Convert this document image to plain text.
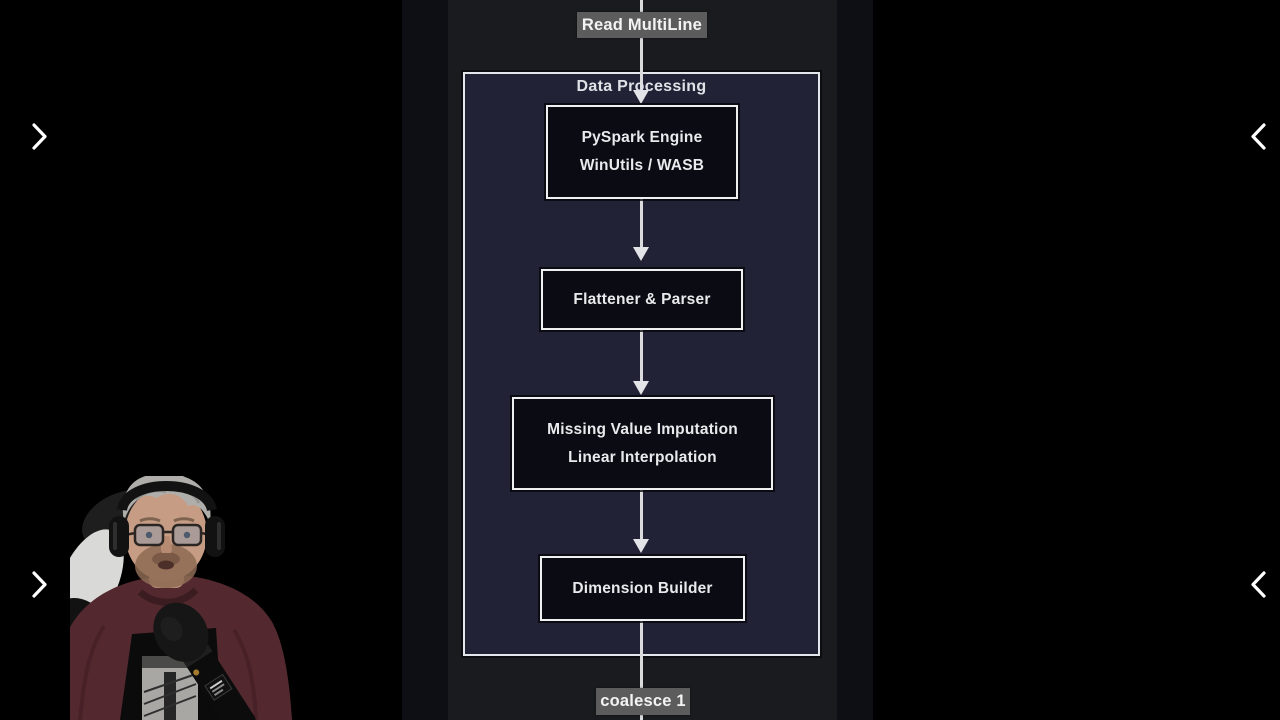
Data Processing
PySpark Engine
WinUtils / WASB
Flattener & Parser
Missing Value Imputation
Linear Interpolation
Dimension Builder
Read MultiLine
coalesce 1
